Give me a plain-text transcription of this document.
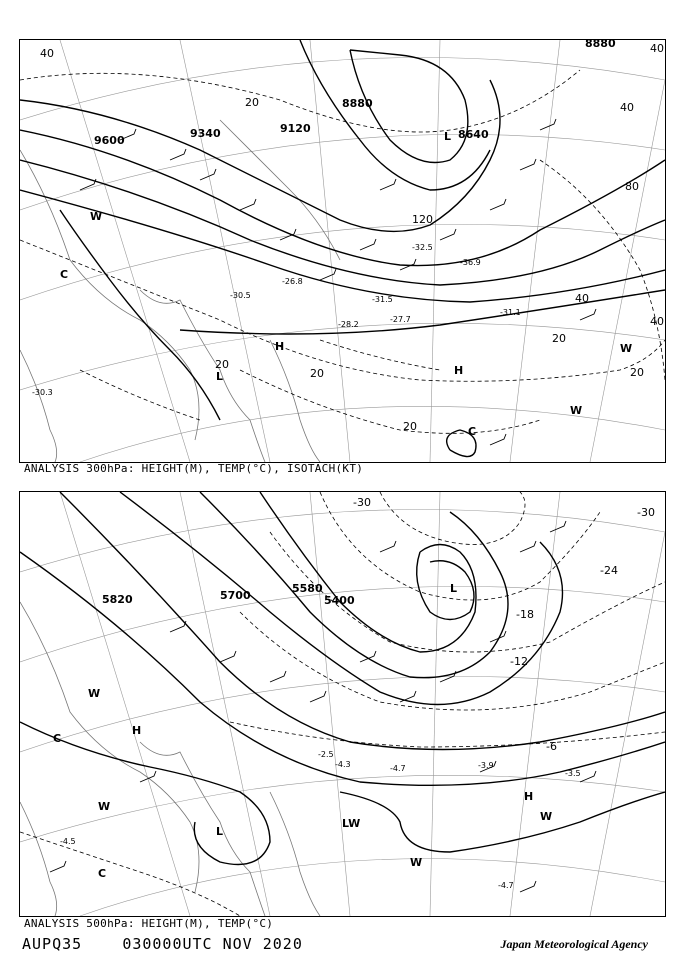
9600
9340	9120
8880
8640
8880
40
20	40
80
120
20
40
40
20
20
20
40
20
L
H
H
L
C
C
W
W
W
-30.3
-30.5
-26.8
-28.2
-27.7
-31.5
-32.5
-31.1
-36.9
ANALYSIS 300hPa: HEIGHT(M), TEMP(°C), ISOTACH(KT)
5820	5700
5580
5400
-30
-30
-24
-18
-12
-6
L
H
H
L
LW
C
C
W
W
W
W
-3.9
-4.7
-3.5
-4.7
-4.3
-4.5
-2.5
ANALYSIS 500hPa: HEIGHT(M), TEMP(°C)
AUPQ35	030000UTC NOV 2020	Japan Meteorological Agency
